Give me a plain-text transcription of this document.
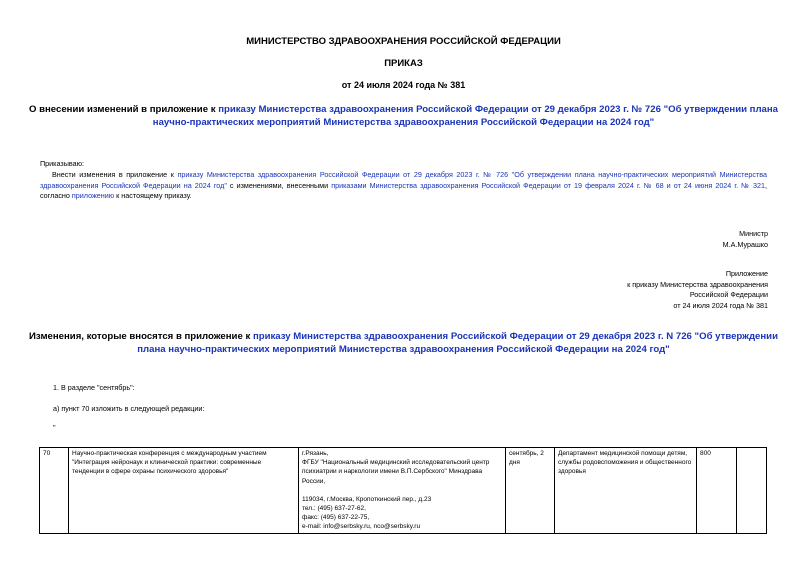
МИНИСТЕРСТВО ЗДРАВООХРАНЕНИЯ РОССИЙСКОЙ ФЕДЕРАЦИИ
ПРИКАЗ
от 24 июля 2024 года № 381
О внесении изменений в приложение к приказу Министерства здравоохранения Российской Федерации от 29 декабря 2023 г. № 726 "Об утверждении плана научно-практических мероприятий Министерства здравоохранения Российской Федерации на 2024 год"
Приказываю:
Внести изменения в приложение к приказу Министерства здравоохранения Российской Федерации от 29 декабря 2023 г. № 726 "Об утверждении плана научно-практических мероприятий Министерства здравоохранения Российской Федерации на 2024 год" с изменениями, внесенными приказами Министерства здравоохранения Российской Федерации от 19 февраля 2024 г. № 68 и от 24 июня 2024 г. № 321, согласно приложению к настоящему приказу.
Министр
М.А.Мурашко
Приложение
к приказу Министерства здравоохранения
Российской Федерации
от 24 июля 2024 года № 381
Изменения, которые вносятся в приложение к приказу Министерства здравоохранения Российской Федерации от 29 декабря 2023 г. N 726 "Об утверждении плана научно-практических мероприятий Министерства здравоохранения Российской Федерации на 2024 год"
1. В разделе "сентябрь":
а) пункт 70 изложить в следующей редакции:
"
70	Научно-практическая конференция с международным участием "Интеграция нейронаук и клинической практики: современные тенденции в сфере охраны психического здоровья"	
г.Рязань,
ФГБУ "Национальный медицинский исследовательский центр психиатрии и наркологии имени В.П.Сербского" Минздрава России,
119034, г.Москва, Кропоткинский пер., д.23
тел.: (495) 637-27-62,
факс: (495) 637-22-75,
e-mail: info@serbsky.ru, nco@serbsky.ru
	сентябрь, 2 дня	Департамент медицинской помощи детям, службы родовспоможения и общественного здоровья	800	
